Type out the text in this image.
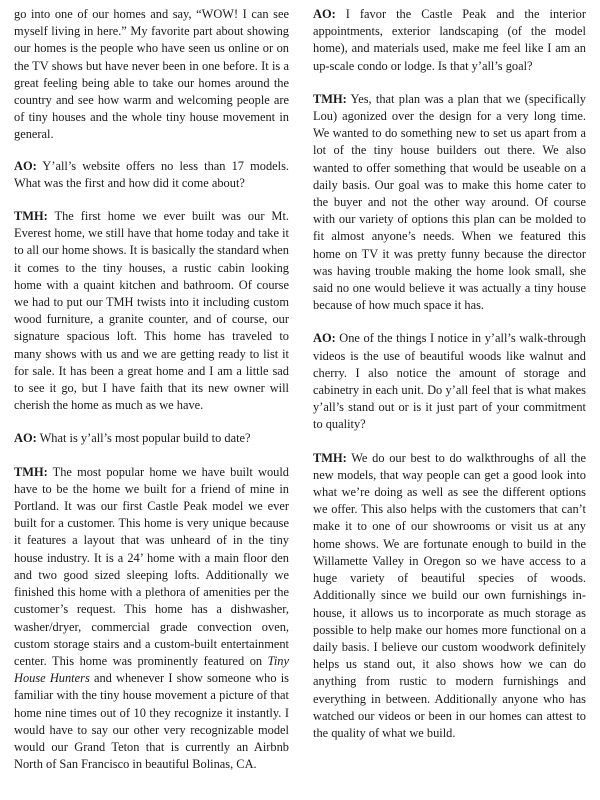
go into one of our homes and say, “WOW! I can see myself living in here.” My favorite part about showing our homes is the people who have seen us online or on the TV shows but have never been in one before. It is a great feeling being able to take our homes around the country and see how warm and welcoming people are of tiny houses and the whole tiny house movement in general.

AO: Y’all’s website offers no less than 17 models. What was the first and how did it come about?

TMH: The first home we ever built was our Mt. Everest home, we still have that home today and take it to all our home shows. It is basically the standard when it comes to the tiny houses, a rustic cabin looking home with a quaint kitchen and bathroom. Of course we had to put our TMH twists into it including custom wood furniture, a granite counter, and of course, our signature spacious loft. This home has traveled to many shows with us and we are getting ready to list it for sale. It has been a great home and I am a little sad to see it go, but I have faith that its new owner will cherish the home as much as we have.

AO: What is y’all’s most popular build to date?

TMH: The most popular home we have built would have to be the home we built for a friend of mine in Portland. It was our first Castle Peak model we ever built for a customer. This home is very unique because it features a layout that was unheard of in the tiny house industry. It is a 24’ home with a main floor den and two good sized sleeping lofts. Additionally we finished this home with a plethora of amenities per the customer’s request. This home has a dishwasher, washer/dryer, commercial grade convection oven, custom storage stairs and a custom-built entertainment center. This home was prominently featured on Tiny House Hunters and whenever I show someone who is familiar with the tiny house movement a picture of that home nine times out of 10 they recognize it instantly. I would have to say our other very recognizable model would our Grand Teton that is currently an Airbnb North of San Francisco in beautiful Bolinas, CA.

AO: I favor the Castle Peak and the interior appointments, exterior landscaping (of the model home), and materials used, make me feel like I am an up-scale condo or lodge. Is that y’all’s goal?

TMH: Yes, that plan was a plan that we (specifically Lou) agonized over the design for a very long time. We wanted to do something new to set us apart from a lot of the tiny house builders out there. We also wanted to offer something that would be useable on a daily basis. Our goal was to make this home cater to the buyer and not the other way around. Of course with our variety of options this plan can be molded to fit almost anyone’s needs. When we featured this home on TV it was pretty funny because the director was having trouble making the home look small, she said no one would believe it was actually a tiny house because of how much space it has.

AO: One of the things I notice in y’all’s walk-through videos is the use of beautiful woods like walnut and cherry. I also notice the amount of storage and cabinetry in each unit. Do y’all feel that is what makes y’all’s stand out or is it just part of your commitment to quality?

TMH: We do our best to do walkthroughs of all the new models, that way people can get a good look into what we’re doing as well as see the different options we offer. This also helps with the customers that can’t make it to one of our showrooms or visit us at any home shows. We are fortunate enough to build in the Willamette Valley in Oregon so we have access to a huge variety of beautiful species of woods. Additionally since we build our own furnishings in-house, it allows us to incorporate as much storage as possible to help make our homes more functional on a daily basis. I believe our custom woodwork definitely helps us stand out, it also shows how we can do anything from rustic to modern furnishings and everything in between. Additionally anyone who has watched our videos or been in our homes can attest to the quality of what we build.
